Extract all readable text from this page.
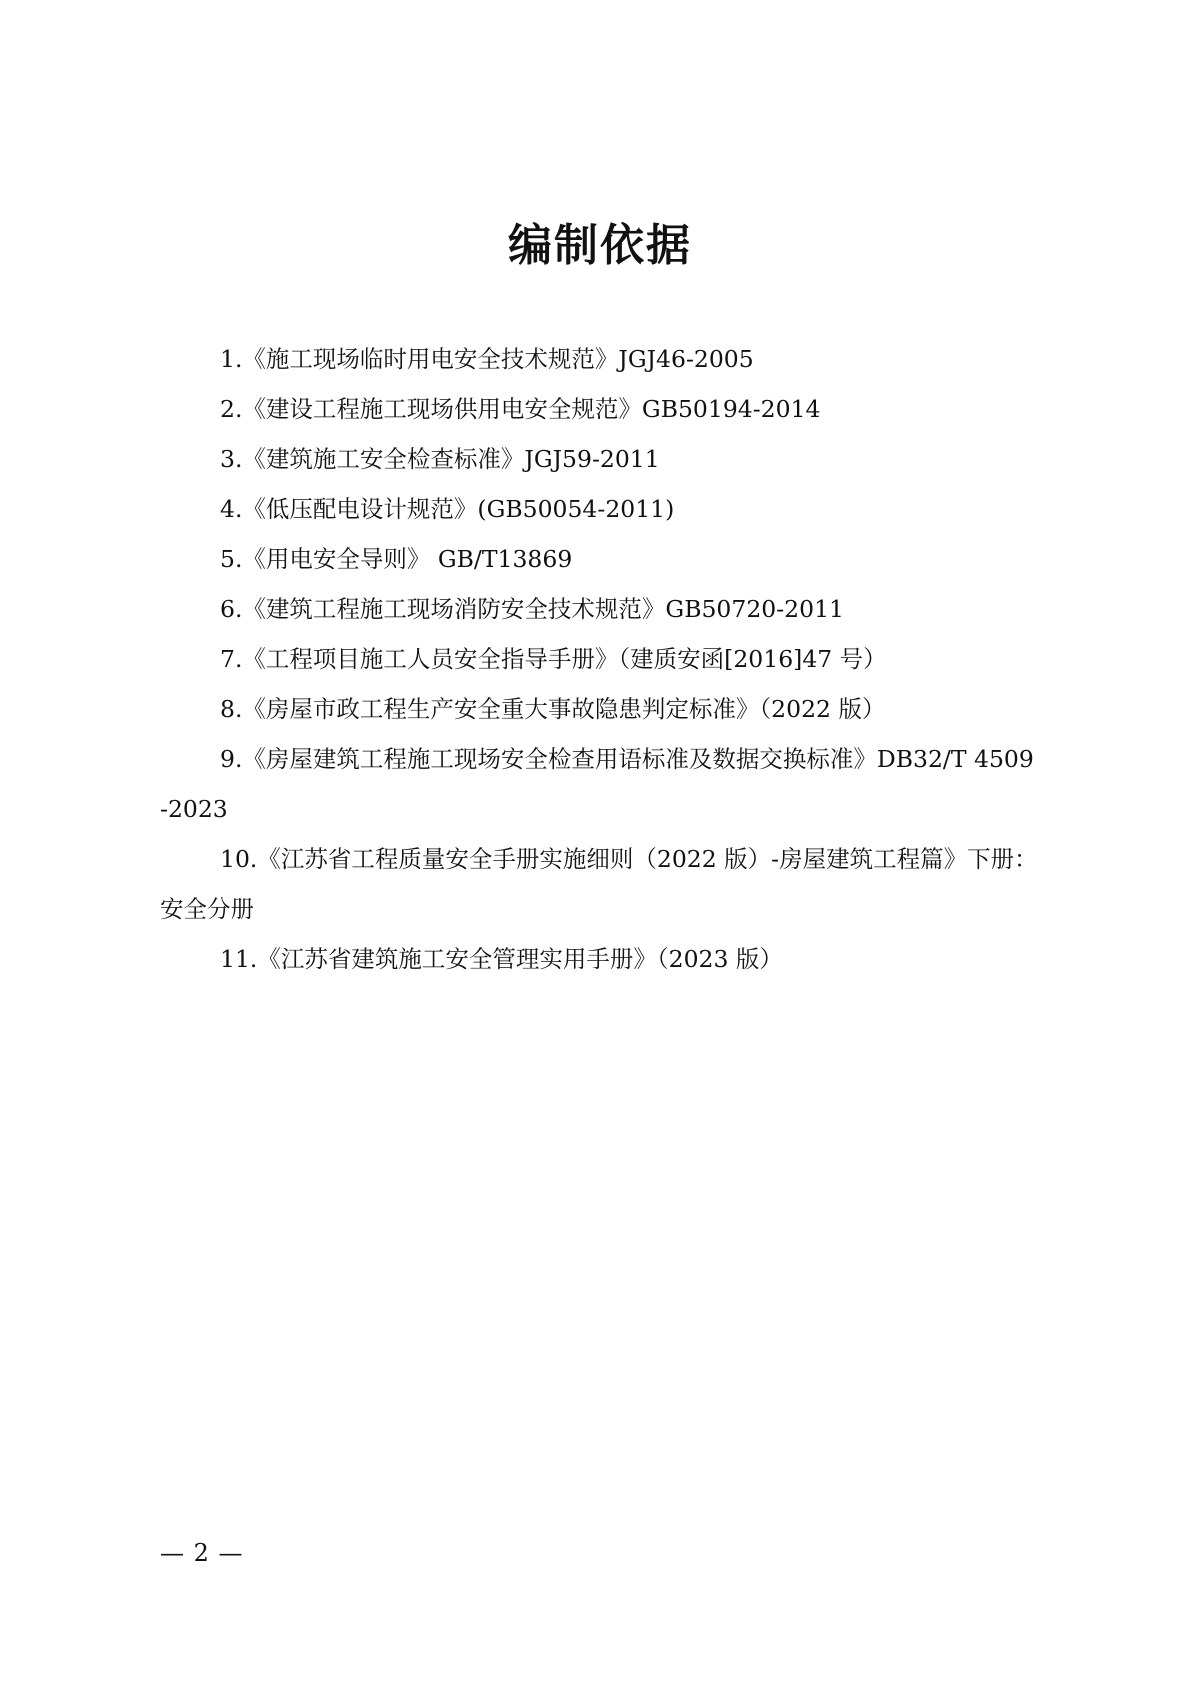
编制依据
1.《施工现场临时用电安全技术规范》JGJ46-2005
2.《建设工程施工现场供用电安全规范》GB50194-2014
3.《建筑施工安全检查标准》JGJ59-2011
4.《低压配电设计规范》(GB50054-2011)
5.《用电安全导则》 GB/T13869
6.《建筑工程施工现场消防安全技术规范》GB50720-2011
7.《工程项目施工人员安全指导手册》（建质安函[2016]47 号）
8.《房屋市政工程生产安全重大事故隐患判定标准》（2022 版）
9.《房屋建筑工程施工现场安全检查用语标准及数据交换标准》DB32/T 4509-2023
10.《江苏省工程质量安全手册实施细则（2022 版）-房屋建筑工程篇》下册：安全分册
11.《江苏省建筑施工安全管理实用手册》（2023 版）
— 2 —
